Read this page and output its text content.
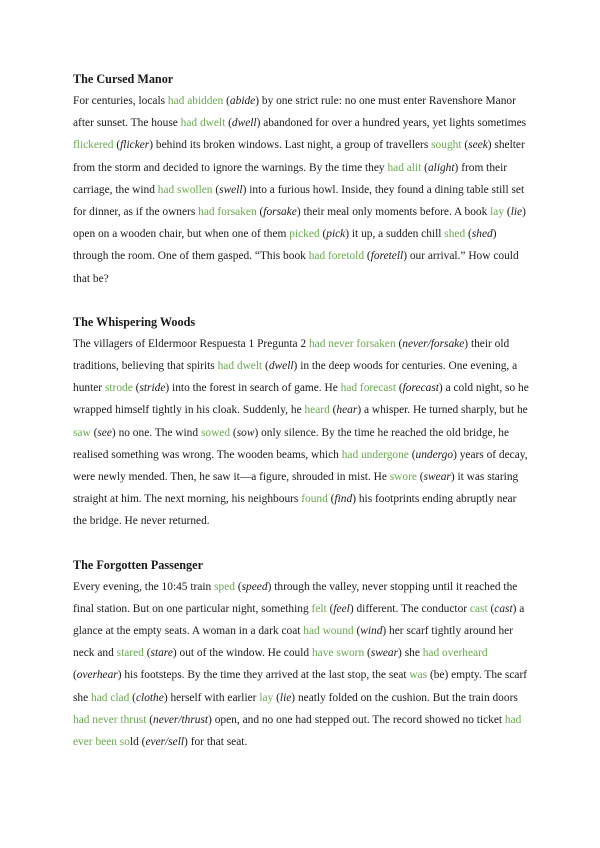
The Cursed Manor

For centuries, locals had abidden (abide) by one strict rule: no one must enter Ravenshore Manor after sunset. The house had dwelt (dwell) abandoned for over a hundred years, yet lights sometimes flickered (flicker) behind its broken windows. Last night, a group of travellers sought (seek) shelter from the storm and decided to ignore the warnings. By the time they had alit (alight) from their carriage, the wind had swollen (swell) into a furious howl. Inside, they found a dining table still set for dinner, as if the owners had forsaken (forsake) their meal only moments before. A book lay (lie) open on a wooden chair, but when one of them picked (pick) it up, a sudden chill shed (shed) through the room. One of them gasped. “This book had foretold (foretell) our arrival.” How could that be?

The Whispering Woods

The villagers of Eldermoor Respuesta 1 Pregunta 2 had never forsaken (never/forsake) their old traditions, believing that spirits had dwelt (dwell) in the deep woods for centuries. One evening, a hunter strode (stride) into the forest in search of game. He had forecast (forecast) a cold night, so he wrapped himself tightly in his cloak. Suddenly, he heard (hear) a whisper. He turned sharply, but he saw (see) no one. The wind sowed (sow) only silence. By the time he reached the old bridge, he realised something was wrong. The wooden beams, which had undergone (undergo) years of decay, were newly mended. Then, he saw it—a figure, shrouded in mist. He swore (swear) it was staring straight at him. The next morning, his neighbours found (find) his footprints ending abruptly near the bridge. He never returned.

The Forgotten Passenger

Every evening, the 10:45 train sped (speed) through the valley, never stopping until it reached the final station. But on one particular night, something felt (feel) different. The conductor cast (cast) a glance at the empty seats. A woman in a dark coat had wound (wind) her scarf tightly around her neck and stared (stare) out of the window. He could have sworn (swear) she had overheard (overhear) his footsteps. By the time they arrived at the last stop, the seat was (be) empty. The scarf she had clad (clothe) herself with earlier lay (lie) neatly folded on the cushion. But the train doors had never thrust (never/thrust) open, and no one had stepped out. The record showed no ticket had ever been sold (ever/sell) for that seat.
